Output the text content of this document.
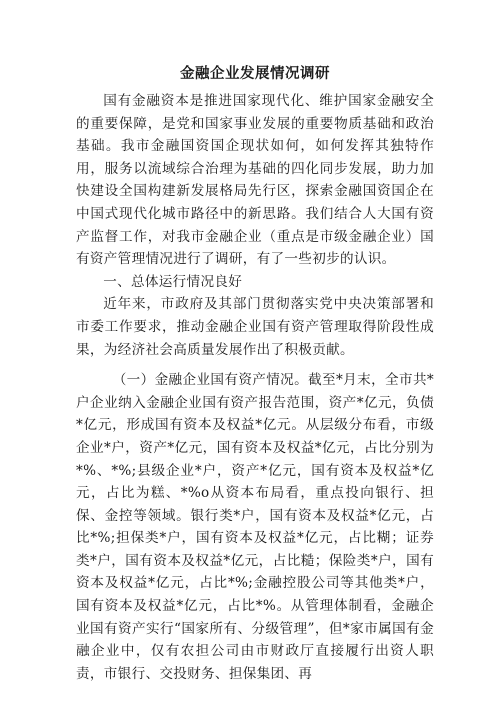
金融企业发展情况调研

国有金融资本是推进国家现代化、维护国家金融安全的重要保障，是党和国家事业发展的重要物质基础和政治基础。我市金融国资国企现状如何，如何发挥其独特作用，服务以流域综合治理为基础的四化同步发展，助力加快建设全国构建新发展格局先行区，探索金融国资国企在中国式现代化城市路径中的新思路。我们结合人大国有资产监督工作，对我市金融企业（重点是市级金融企业）国有资产管理情况进行了调研，有了一些初步的认识。

一、总体运行情况良好

近年来，市政府及其部门贯彻落实党中央决策部署和市委工作要求，推动金融企业国有资产管理取得阶段性成果，为经济社会高质量发展作出了积极贡献。

（一）金融企业国有资产情况。截至*月末，全市共*户企业纳入金融企业国有资产报告范围，资产*亿元，负债*亿元，形成国有资本及权益*亿元。从层级分布看，市级企业*户，资产*亿元，国有资本及权益*亿元，占比分别为*%、*%;县级企业*户，资产*亿元，国有资本及权益*亿元，占比为糕、*%o从资本布局看，重点投向银行、担保、金控等领域。银行类*户，国有资本及权益*亿元，占比*%;担保类*户，国有资本及权益*亿元，占比糊；证券类*户，国有资本及权益*亿元，占比糙；保险类*户，国有资本及权益*亿元，占比*%;金融控股公司等其他类*户，国有资本及权益*亿元，占比*%。从管理体制看，金融企业国有资产实行“国家所有、分级管理”，但*家市属国有金融企业中，仅有农担公司由市财政厅直接履行出资人职责，市银行、交投财务、担保集团、再
